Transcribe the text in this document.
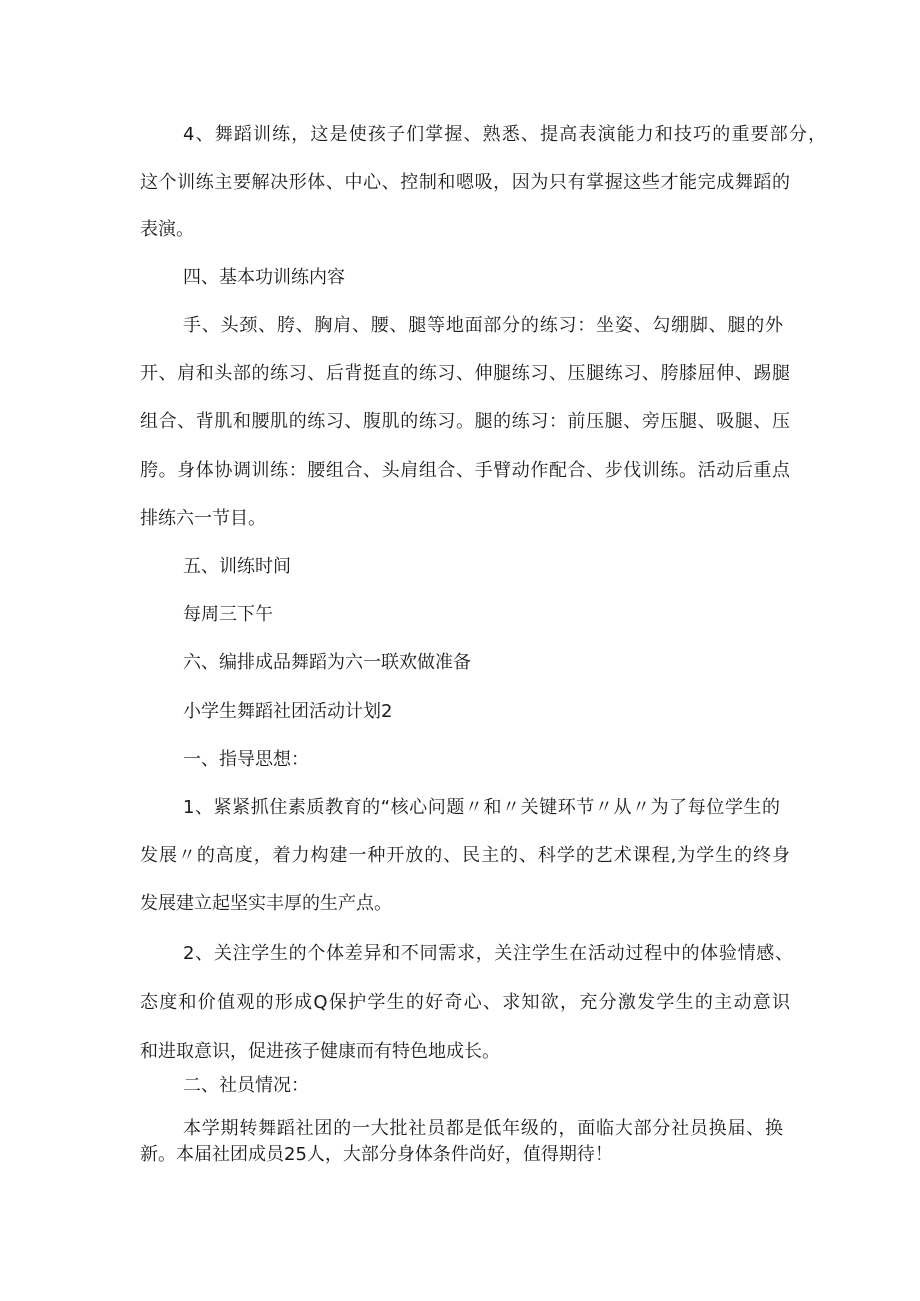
4、舞蹈训练，这是使孩子们掌握、熟悉、提高表演能力和技巧的重要部分，

这个训练主要解决形体、中心、控制和嗯吸，因为只有掌握这些才能完成舞蹈的

表演。

四、基本功训练内容

手、头颈、胯、胸肩、腰、腿等地面部分的练习：坐姿、勾绷脚、腿的外

开、肩和头部的练习、后背挺直的练习、伸腿练习、压腿练习、胯膝屈伸、踢腿

组合、背肌和腰肌的练习、腹肌的练习。腿的练习：前压腿、旁压腿、吸腿、压

胯。身体协调训练：腰组合、头肩组合、手臂动作配合、步伐训练。活动后重点

排练六一节目。

五、训练时间

每周三下午

六、编排成品舞蹈为六一联欢做准备

小学生舞蹈社团活动计划2

一、指导思想：

1、紧紧抓住素质教育的“核心问题〃和〃关键环节〃从〃为了每位学生的

发展〃的高度，着力构建一种开放的、民主的、科学的艺术课程,为学生的终身

发展建立起坚实丰厚的生产点。

2、关注学生的个体差异和不同需求，关注学生在活动过程中的体验情感、

态度和价值观的形成Q保护学生的好奇心、求知欲，充分激发学生的主动意识

和进取意识，促进孩子健康而有特色地成长。

二、社员情况：

本学期转舞蹈社团的一大批社员都是低年级的，面临大部分社员换届、换

新。本届社团成员25人，大部分身体条件尚好，值得期待！
